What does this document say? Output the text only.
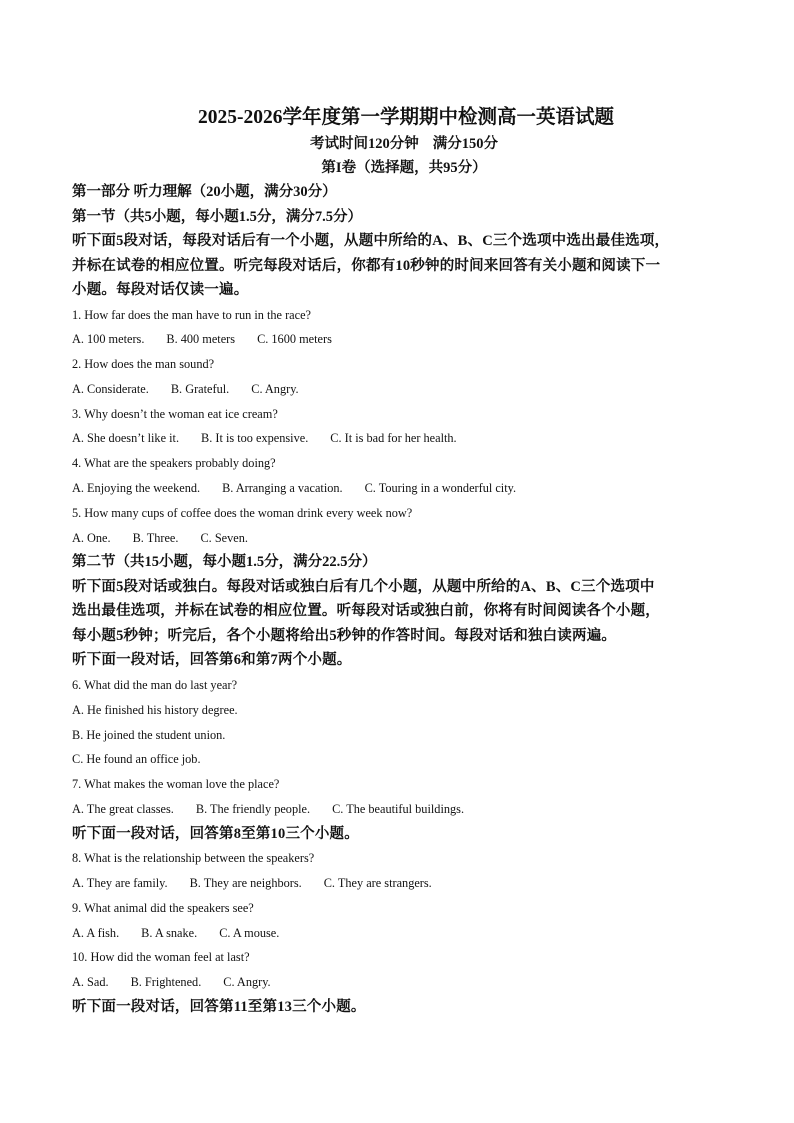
2025-2026学年度第一学期期中检测高一英语试题

考试时间120分钟 满分150分

第I卷（选择题，共95分）

第一部分 听力理解（20小题，满分30分）

第一节（共5小题，每小题1.5分，满分7.5分）

听下面5段对话，每段对话后有一个小题，从题中所给的A、B、C三个选项中选出最佳选项，

并标在试卷的相应位置。听完每段对话后，你都有10秒钟的时间来回答有关小题和阅读下一

小题。每段对话仅读一遍。

1. How far does the man have to run in the race?

A. 100 meters. B. 400 meters C. 1600 meters

2. How does the man sound?

A. Considerate. B. Grateful. C. Angry.

3. Why doesn’t the woman eat ice cream?

A. She doesn’t like it. B. It is too expensive. C. It is bad for her health.

4. What are the speakers probably doing?

A. Enjoying the weekend. B. Arranging a vacation. C. Touring in a wonderful city.

5. How many cups of coffee does the woman drink every week now?

A. One. B. Three. C. Seven.

第二节（共15小题，每小题1.5分，满分22.5分）

听下面5段对话或独白。每段对话或独白后有几个小题，从题中所给的A、B、C三个选项中

选出最佳选项，并标在试卷的相应位置。听每段对话或独白前，你将有时间阅读各个小题，

每小题5秒钟；听完后，各个小题将给出5秒钟的作答时间。每段对话和独白读两遍。

听下面一段对话，回答第6和第7两个小题。

6. What did the man do last year?

A. He finished his history degree.

B. He joined the student union.

C. He found an office job.

7. What makes the woman love the place?

A. The great classes. B. The friendly people. C. The beautiful buildings.

听下面一段对话，回答第8至第10三个小题。

8. What is the relationship between the speakers?

A. They are family. B. They are neighbors. C. They are strangers.

9. What animal did the speakers see?

A. A fish. B. A snake. C. A mouse.

10. How did the woman feel at last?

A. Sad. B. Frightened. C. Angry.

听下面一段对话，回答第11至第13三个小题。
